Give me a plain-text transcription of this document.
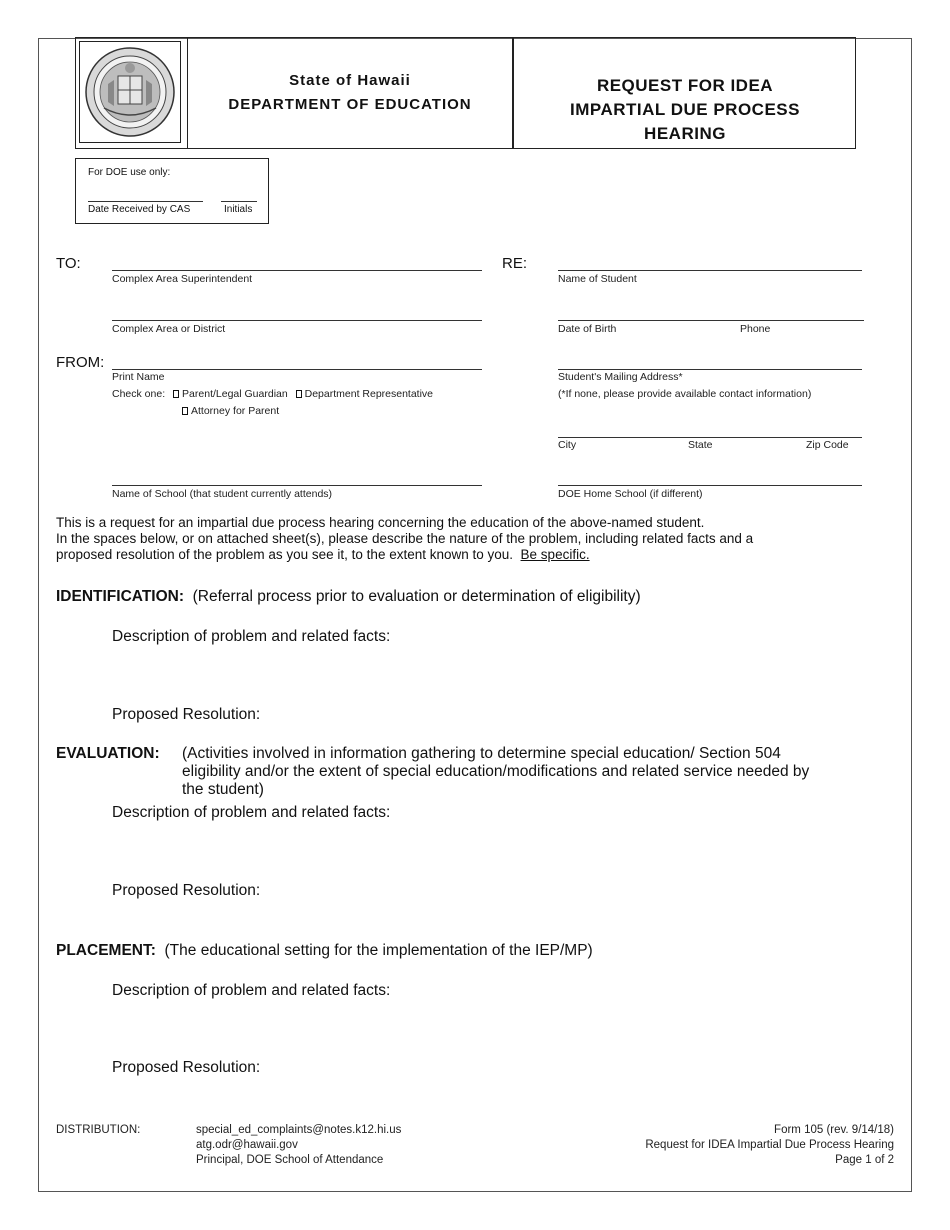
State of Hawaii
DEPARTMENT OF EDUCATION
REQUEST FOR IDEA
IMPARTIAL DUE PROCESS
HEARING
For DOE use only:
Date Received by CAS	Initials
TO:
Complex Area Superintendent
Complex Area or District
FROM:
Print Name
Check one: Parent/Legal Guardian Department Representative
Attorney for Parent
Name of School (that student currently attends)
RE:
Name of Student
Date of Birth	Phone
Student's Mailing Address*
(*If none, please provide available contact information)
City	State	Zip Code
DOE Home School (if different)
This is a request for an impartial due process hearing concerning the education of the above-named student.
In the spaces below, or on attached sheet(s), please describe the nature of the problem, including related facts and a
proposed resolution of the problem as you see it, to the extent known to you. Be specific.
IDENTIFICATION: (Referral process prior to evaluation or determination of eligibility)
Description of problem and related facts:
Proposed Resolution:
EVALUATION: (Activities involved in information gathering to determine special education/ Section 504
eligibility and/or the extent of special education/modifications and related service needed by
the student)
Description of problem and related facts:
Proposed Resolution:
PLACEMENT: (The educational setting for the implementation of the IEP/MP)
Description of problem and related facts:
Proposed Resolution:
DISTRIBUTION:	special_ed_complaints@notes.k12.hi.us
atg.odr@hawaii.gov
Principal, DOE School of Attendance
Form 105 (rev. 9/14/18)
Request for IDEA Impartial Due Process Hearing
Page 1 of 2
